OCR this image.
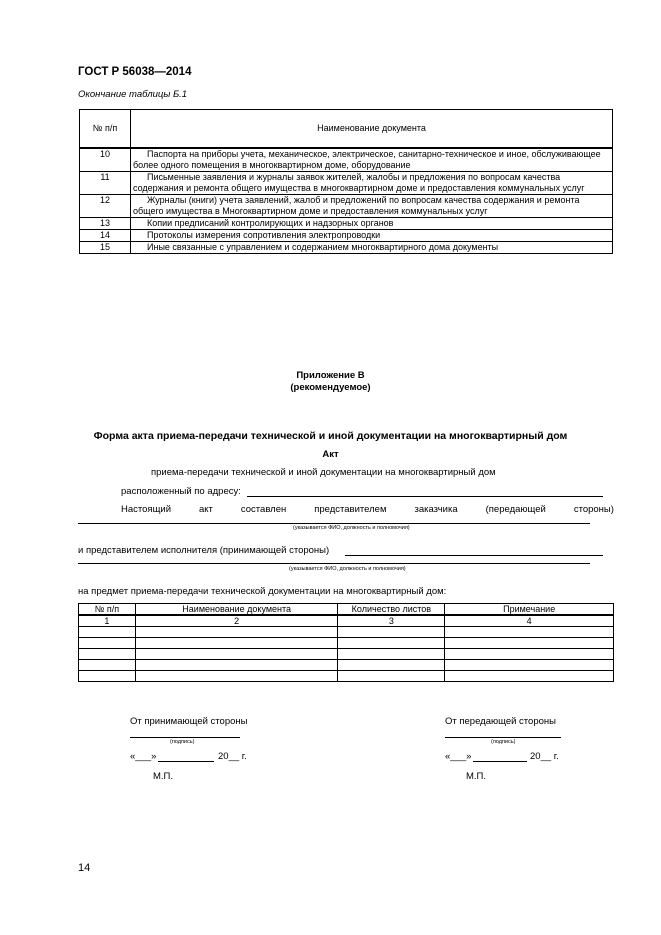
ГОСТ Р 56038—2014
Окончание таблицы Б.1
№ п/п	Наименование документа
10	Паспорта на приборы учета, механическое, электрическое, санитарно-техническое и иное, обслуживающее более одного помещения в многоквартирном доме, оборудование
11	Письменные заявления и журналы заявок жителей, жалобы и предложения по вопросам качества содержания и ремонта общего имущества в многоквартирном доме и предоставления коммунальных услуг
12	Журналы (книги) учета заявлений, жалоб и предложений по вопросам качества содержания и ремонта общего имущества в Многоквартирном доме и предоставления коммунальных услуг
13	Копии предписаний контролирующих и надзорных органов
14	Протоколы измерения сопротивления электропроводки
15	Иные связанные с управлением и содержанием многоквартирного дома документы
Приложение В
(рекомендуемое)
Форма акта приема-передачи технической и иной документации на многоквартирный дом
Акт
приема-передачи технической и иной документации на многоквартирный дом
расположенный по адресу:
Настоящий	акт	составлен	представителем	заказчика	(передающей	стороны)
(указывается ФИО, должность и полномочия)
и представителем исполнителя (принимающей стороны)
(указывается ФИО, должность и полномочия)
на предмет приема-передачи технической документации на многоквартирный дом:
№ п/п	Наименование документа	Количество листов	Примечание
1	2	3	4

От принимающей стороны
(подпись)
«___»	20__ г.
М.П.
От передающей стороны
(подпись)
«___»	20__ г.
М.П.
14
